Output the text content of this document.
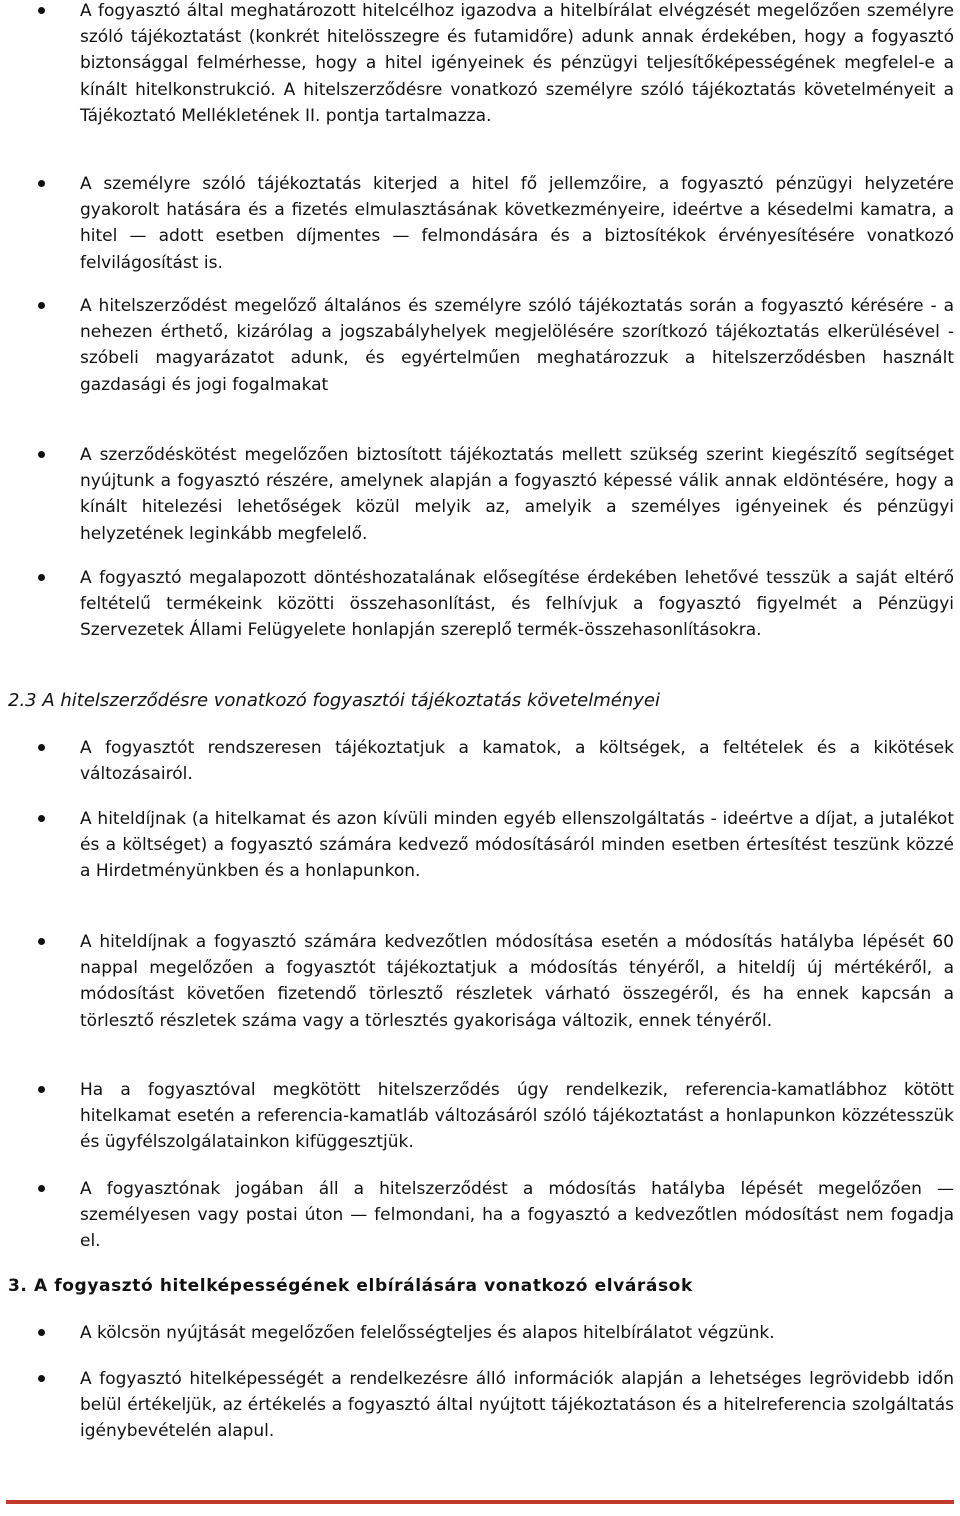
A fogyasztó által meghatározott hitelcélhoz igazodva a hitelbírálat elvégzését megelőzően személyre szóló tájékoztatást (konkrét hitelösszegre és futamidőre) adunk annak érdekében, hogy a fogyasztó biztonsággal felmérhesse, hogy a hitel igényeinek és pénzügyi teljesítőképességének megfelel-e a kínált hitelkonstrukció. A hitelszerződésre vonatkozó személyre szóló tájékoztatás követelményeit a Tájékoztató Mellékletének II. pontja tartalmazza.
A személyre szóló tájékoztatás kiterjed a hitel fő jellemzőire, a fogyasztó pénzügyi helyzetére gyakorolt hatására és a fizetés elmulasztásának következményeire, ideértve a késedelmi kamatra, a hitel — adott esetben díjmentes — felmondására és a biztosítékok érvényesítésére vonatkozó felvilágosítást is.
A hitelszerződést megelőző általános és személyre szóló tájékoztatás során a fogyasztó kérésére - a nehezen érthető, kizárólag a jogszabályhelyek megjelölésére szorítkozó tájékoztatás elkerülésével - szóbeli magyarázatot adunk, és egyértelműen meghatározzuk a hitelszerződésben használt gazdasági és jogi fogalmakat
A szerződéskötést megelőzően biztosított tájékoztatás mellett szükség szerint kiegészítő segítséget nyújtunk a fogyasztó részére, amelynek alapján a fogyasztó képessé válik annak eldöntésére, hogy a kínált hitelezési lehetőségek közül melyik az, amelyik a személyes igényeinek és pénzügyi helyzetének leginkább megfelelő.
A fogyasztó megalapozott döntéshozatalának elősegítése érdekében lehetővé tesszük a saját eltérő feltételű termékeink közötti összehasonlítást, és felhívjuk a fogyasztó figyelmét a Pénzügyi Szervezetek Állami Felügyelete honlapján szereplő termék-összehasonlításokra.
2.3 A hitelszerződésre vonatkozó fogyasztói tájékoztatás követelményei
A fogyasztót rendszeresen tájékoztatjuk a kamatok, a költségek, a feltételek és a kikötések változásairól.
A hiteldíjnak (a hitelkamat és azon kívüli minden egyéb ellenszolgáltatás - ideértve a díjat, a jutalékot és a költséget) a fogyasztó számára kedvező módosításáról minden esetben értesítést teszünk közzé a Hirdetményünkben és a honlapunkon.
A hiteldíjnak a fogyasztó számára kedvezőtlen módosítása esetén a módosítás hatályba lépését 60 nappal megelőzően a fogyasztót tájékoztatjuk a módosítás tényéről, a hiteldíj új mértékéről, a módosítást követően fizetendő törlesztő részletek várható összegéről, és ha ennek kapcsán a törlesztő részletek száma vagy a törlesztés gyakorisága változik, ennek tényéről.
Ha a fogyasztóval megkötött hitelszerződés úgy rendelkezik, referencia-kamatlábhoz kötött hitelkamat esetén a referencia-kamatláb változásáról szóló tájékoztatást a honlapunkon közzétesszük és ügyfélszolgálatainkon kifüggesztjük.
A fogyasztónak jogában áll a hitelszerződést a módosítás hatályba lépését megelőzően — személyesen vagy postai úton — felmondani, ha a fogyasztó a kedvezőtlen módosítást nem fogadja el.
3. A fogyasztó hitelképességének elbírálására vonatkozó elvárások
A kölcsön nyújtását megelőzően felelősségteljes és alapos hitelbírálatot végzünk.
A fogyasztó hitelképességét a rendelkezésre álló információk alapján a lehetséges legrövidebb időn belül értékeljük, az értékelés a fogyasztó által nyújtott tájékoztatáson és a hitelreferencia szolgáltatás igénybevételén alapul.
